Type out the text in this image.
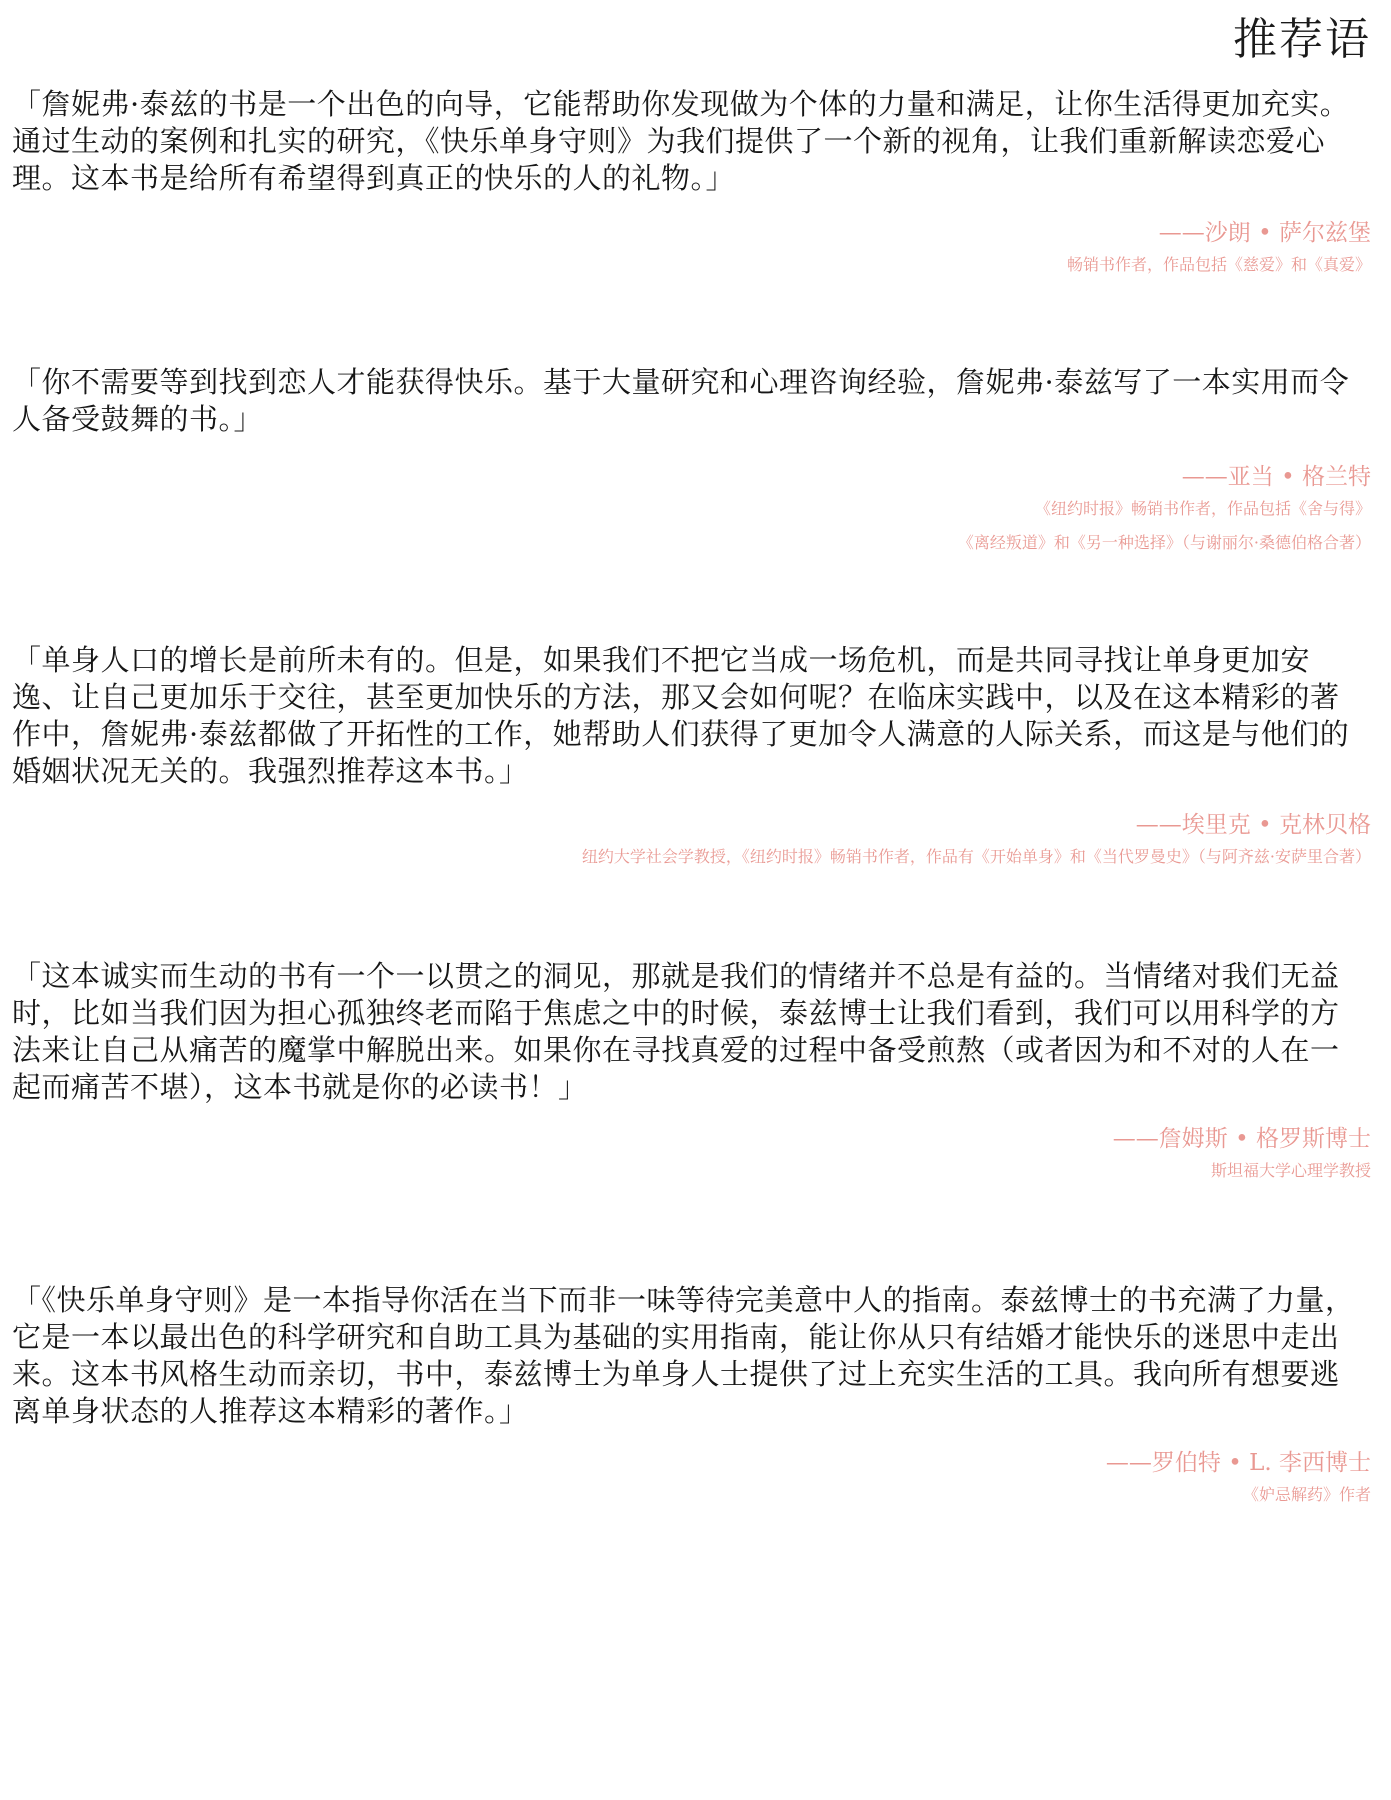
推荐语
「詹妮弗·泰兹的书是一个出色的向导，它能帮助你发现做为个体的力量和满足，让你生活得更加充实。通过生动的案例和扎实的研究，《快乐单身守则》为我们提供了一个新的视角，让我们重新解读恋爱心理。这本书是给所有希望得到真正的快乐的人的礼物。」
——沙朗 • 萨尔兹堡
畅销书作者，作品包括《慈爱》和《真爱》
「你不需要等到找到恋人才能获得快乐。基于大量研究和心理咨询经验，詹妮弗·泰兹写了一本实用而令人备受鼓舞的书。」
——亚当 • 格兰特
《纽约时报》畅销书作者，作品包括《舍与得》
《离经叛道》和《另一种选择》（与谢丽尔·桑德伯格合著）
「单身人口的增长是前所未有的。但是，如果我们不把它当成一场危机，而是共同寻找让单身更加安逸、让自己更加乐于交往，甚至更加快乐的方法，那又会如何呢？在临床实践中，以及在这本精彩的著作中，詹妮弗·泰兹都做了开拓性的工作，她帮助人们获得了更加令人满意的人际关系，而这是与他们的婚姻状况无关的。我强烈推荐这本书。」
——埃里克 • 克林贝格
纽约大学社会学教授，《纽约时报》畅销书作者，作品有《开始单身》和《当代罗曼史》（与阿齐兹·安萨里合著）
「这本诚实而生动的书有一个一以贯之的洞见，那就是我们的情绪并不总是有益的。当情绪对我们无益时，比如当我们因为担心孤独终老而陷于焦虑之中的时候，泰兹博士让我们看到，我们可以用科学的方法来让自己从痛苦的魔掌中解脱出来。如果你在寻找真爱的过程中备受煎熬（或者因为和不对的人在一起而痛苦不堪），这本书就是你的必读书！」
——詹姆斯 • 格罗斯博士
斯坦福大学心理学教授
「《快乐单身守则》是一本指导你活在当下而非一味等待完美意中人的指南。泰兹博士的书充满了力量，它是一本以最出色的科学研究和自助工具为基础的实用指南，能让你从只有结婚才能快乐的迷思中走出来。这本书风格生动而亲切，书中，泰兹博士为单身人士提供了过上充实生活的工具。我向所有想要逃离单身状态的人推荐这本精彩的著作。」
——罗伯特 • L. 李西博士
《妒忌解药》作者
